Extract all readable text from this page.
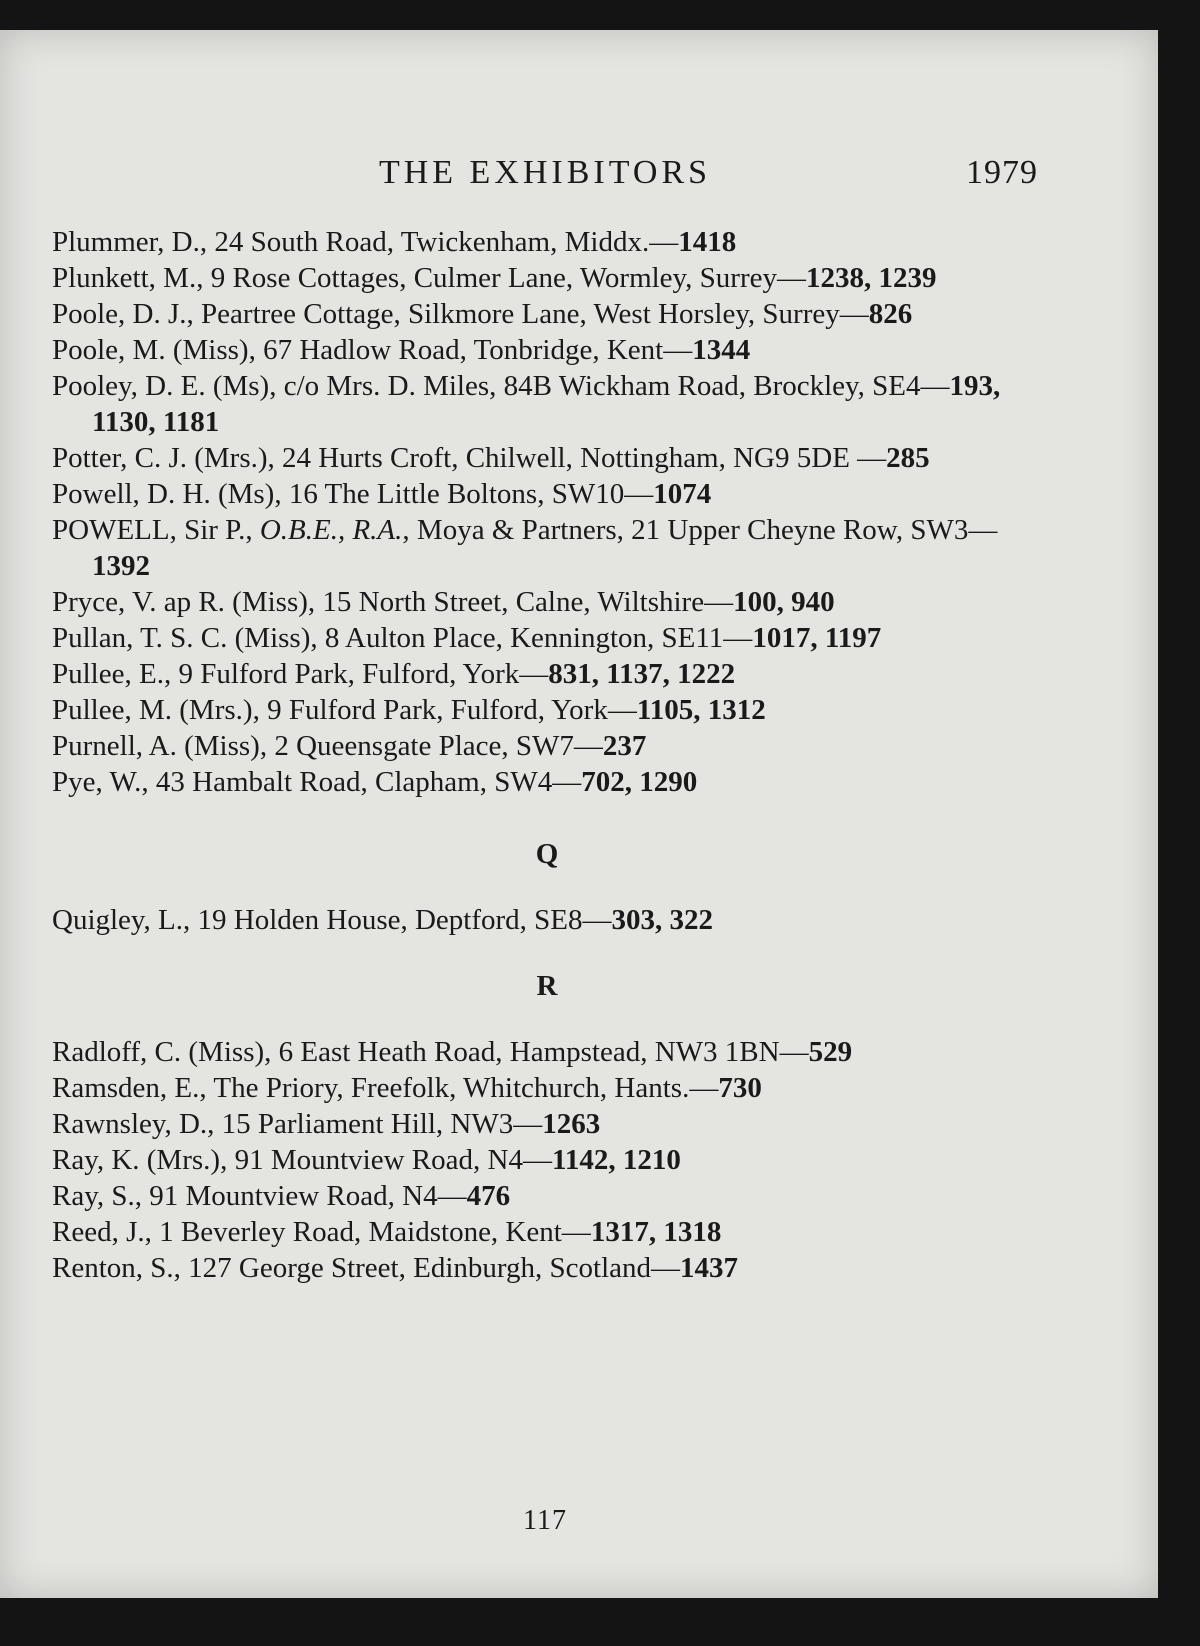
THE EXHIBITORS	1979
Plummer, D., 24 South Road, Twickenham, Middx.—1418
Plunkett, M., 9 Rose Cottages, Culmer Lane, Wormley, Surrey—1238, 1239
Poole, D. J., Peartree Cottage, Silkmore Lane, West Horsley, Surrey—826
Poole, M. (Miss), 67 Hadlow Road, Tonbridge, Kent—1344
Pooley, D. E. (Ms), c/o Mrs. D. Miles, 84B Wickham Road, Brockley, SE4—193, 1130, 1181
Potter, C. J. (Mrs.), 24 Hurts Croft, Chilwell, Nottingham, NG9 5DE —285
Powell, D. H. (Ms), 16 The Little Boltons, SW10—1074
POWELL, Sir P., O.B.E., R.A., Moya & Partners, 21 Upper Cheyne Row, SW3—1392
Pryce, V. ap R. (Miss), 15 North Street, Calne, Wiltshire—100, 940
Pullan, T. S. C. (Miss), 8 Aulton Place, Kennington, SE11—1017, 1197
Pullee, E., 9 Fulford Park, Fulford, York—831, 1137, 1222
Pullee, M. (Mrs.), 9 Fulford Park, Fulford, York—1105, 1312
Purnell, A. (Miss), 2 Queensgate Place, SW7—237
Pye, W., 43 Hambalt Road, Clapham, SW4—702, 1290
Q
Quigley, L., 19 Holden House, Deptford, SE8—303, 322
R
Radloff, C. (Miss), 6 East Heath Road, Hampstead, NW3 1BN—529
Ramsden, E., The Priory, Freefolk, Whitchurch, Hants.—730
Rawnsley, D., 15 Parliament Hill, NW3—1263
Ray, K. (Mrs.), 91 Mountview Road, N4—1142, 1210
Ray, S., 91 Mountview Road, N4—476
Reed, J., 1 Beverley Road, Maidstone, Kent—1317, 1318
Renton, S., 127 George Street, Edinburgh, Scotland—1437
117
